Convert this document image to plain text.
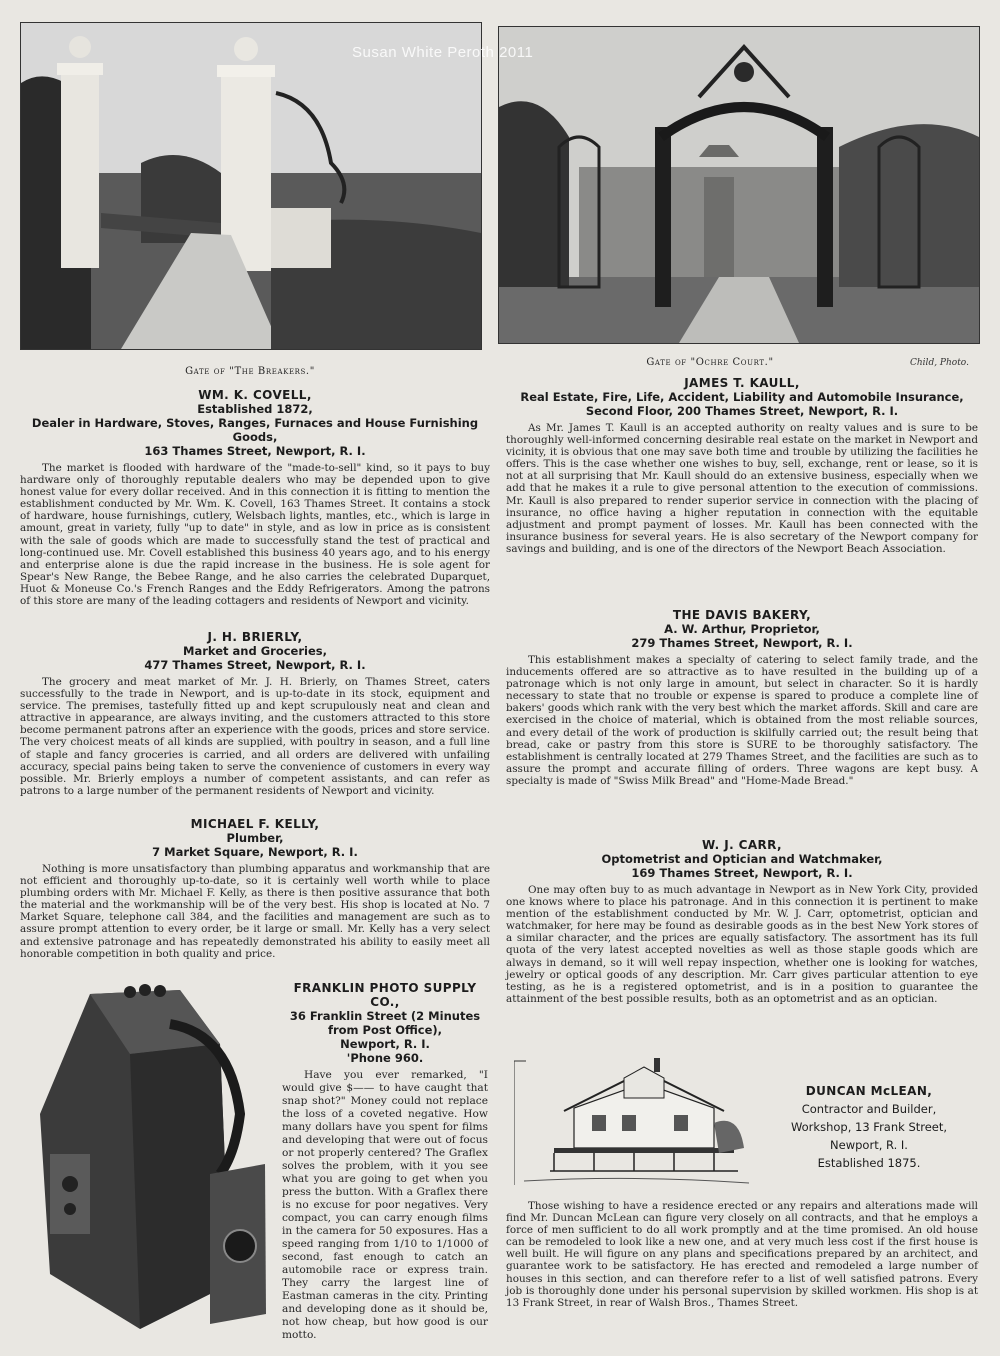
Gate of "The Breakers."
Susan White Peroth 2011
Gate of "Ochre Court."	Child, Photo.
WM. K. COVELL,
Established 1872,
Dealer in Hardware, Stoves, Ranges, Furnaces and House Furnishing Goods,
163 Thames Street, Newport, R. I.

The market is flooded with hardware of the "made-to-sell" kind, so it pays to buy hardware only of thoroughly reputable dealers who may be depended upon to give honest value for every dollar received. And in this connection it is fitting to mention the establishment conducted by Mr. Wm. K. Covell, 163 Thames Street. It contains a stock of hardware, house furnishings, cutlery, Welsbach lights, mantles, etc., which is large in amount, great in variety, fully "up to date" in style, and as low in price as is consistent with the sale of goods which are made to successfully stand the test of practical and long-continued use. Mr. Covell established this business 40 years ago, and to his energy and enterprise alone is due the rapid increase in the business. He is sole agent for Spear's New Range, the Bebee Range, and he also carries the celebrated Duparquet, Huot & Moneuse Co.'s French Ranges and the Eddy Refrigerators. Among the patrons of this store are many of the leading cottagers and residents of Newport and vicinity.

J. H. BRIERLY,
Market and Groceries,
477 Thames Street, Newport, R. I.

The grocery and meat market of Mr. J. H. Brierly, on Thames Street, caters successfully to the trade in Newport, and is up-to-date in its stock, equipment and service. The premises, tastefully fitted up and kept scrupulously neat and clean and attractive in appearance, are always inviting, and the customers attracted to this store become permanent patrons after an experience with the goods, prices and store service. The very choicest meats of all kinds are supplied, with poultry in season, and a full line of staple and fancy groceries is carried, and all orders are delivered with unfailing accuracy, special pains being taken to serve the convenience of customers in every way possible. Mr. Brierly employs a number of competent assistants, and can refer as patrons to a large number of the permanent residents of Newport and vicinity.

MICHAEL F. KELLY,
Plumber,
7 Market Square, Newport, R. I.

Nothing is more unsatisfactory than plumbing apparatus and workmanship that are not efficient and thoroughly up-to-date, so it is certainly well worth while to place plumbing orders with Mr. Michael F. Kelly, as there is then positive assurance that both the material and the workmanship will be of the very best. His shop is located at No. 7 Market Square, telephone call 384, and the facilities and management are such as to assure prompt attention to every order, be it large or small. Mr. Kelly has a very select and extensive patronage and has repeatedly demonstrated his ability to easily meet all honorable competition in both quality and price.

FRANKLIN PHOTO SUPPLY CO.,
36 Franklin Street (2 Minutes from Post Office),
Newport, R. I.
'Phone 960.

Have you ever remarked, "I would give $—— to have caught that snap shot?" Money could not replace the loss of a coveted negative. How many dollars have you spent for films and developing that were out of focus or not properly centered? The Graflex solves the problem, with it you see what you are going to get when you press the button. With a Graflex there is no excuse for poor negatives. Very compact, you can carry enough films in the camera for 50 exposures. Has a speed ranging from 1/10 to 1/1000 of second, fast enough to catch an automobile race or express train. They carry the largest line of Eastman cameras in the city. Printing and developing done as it should be, not how cheap, but how good is our motto.

JAMES T. KAULL,
Real Estate, Fire, Life, Accident, Liability and Automobile Insurance,
Second Floor, 200 Thames Street, Newport, R. I.

As Mr. James T. Kaull is an accepted authority on realty values and is sure to be thoroughly well-informed concerning desirable real estate on the market in Newport and vicinity, it is obvious that one may save both time and trouble by utilizing the facilities he offers. This is the case whether one wishes to buy, sell, exchange, rent or lease, so it is not at all surprising that Mr. Kaull should do an extensive business, especially when we add that he makes it a rule to give personal attention to the execution of commissions. Mr. Kaull is also prepared to render superior service in connection with the placing of insurance, no office having a higher reputation in connection with the equitable adjustment and prompt payment of losses. Mr. Kaull has been connected with the insurance business for several years. He is also secretary of the Newport company for savings and building, and is one of the directors of the Newport Beach Association.

THE DAVIS BAKERY,
A. W. Arthur, Proprietor,
279 Thames Street, Newport, R. I.

This establishment makes a specialty of catering to select family trade, and the inducements offered are so attractive as to have resulted in the building up of a patronage which is not only large in amount, but select in character. So it is hardly necessary to state that no trouble or expense is spared to produce a complete line of bakers' goods which rank with the very best which the market affords. Skill and care are exercised in the choice of material, which is obtained from the most reliable sources, and every detail of the work of production is skilfully carried out; the result being that bread, cake or pastry from this store is SURE to be thoroughly satisfactory. The establishment is centrally located at 279 Thames Street, and the facilities are such as to assure the prompt and accurate filling of orders. Three wagons are kept busy. A specialty is made of "Swiss Milk Bread" and "Home-Made Bread."

W. J. CARR,
Optometrist and Optician and Watchmaker,
169 Thames Street, Newport, R. I.

One may often buy to as much advantage in Newport as in New York City, provided one knows where to place his patronage. And in this connection it is pertinent to make mention of the establishment conducted by Mr. W. J. Carr, optometrist, optician and watchmaker, for here may be found as desirable goods as in the best New York stores of a similar character, and the prices are equally satisfactory. The assortment has its full quota of the very latest accepted novelties as well as those staple goods which are always in demand, so it will well repay inspection, whether one is looking for watches, jewelry or optical goods of any description. Mr. Carr gives particular attention to eye testing, as he is a registered optometrist, and is in a position to guarantee the attainment of the best possible results, both as an optometrist and as an optician.

DUNCAN McLEAN,
Contractor and Builder,
Workshop, 13 Frank Street,
Newport, R. I.
Established 1875.

Those wishing to have a residence erected or any repairs and alterations made will find Mr. Duncan McLean can figure very closely on all contracts, and that he employs a force of men sufficient to do all work promptly and at the time promised. An old house can be remodeled to look like a new one, and at very much less cost if the first house is well built. He will figure on any plans and specifications prepared by an architect, and guarantee work to be satisfactory. He has erected and remodeled a large number of houses in this section, and can therefore refer to a list of well satisfied patrons. Every job is thoroughly done under his personal supervision by skilled workmen. His shop is at 13 Frank Street, in rear of Walsh Bros., Thames Street.
